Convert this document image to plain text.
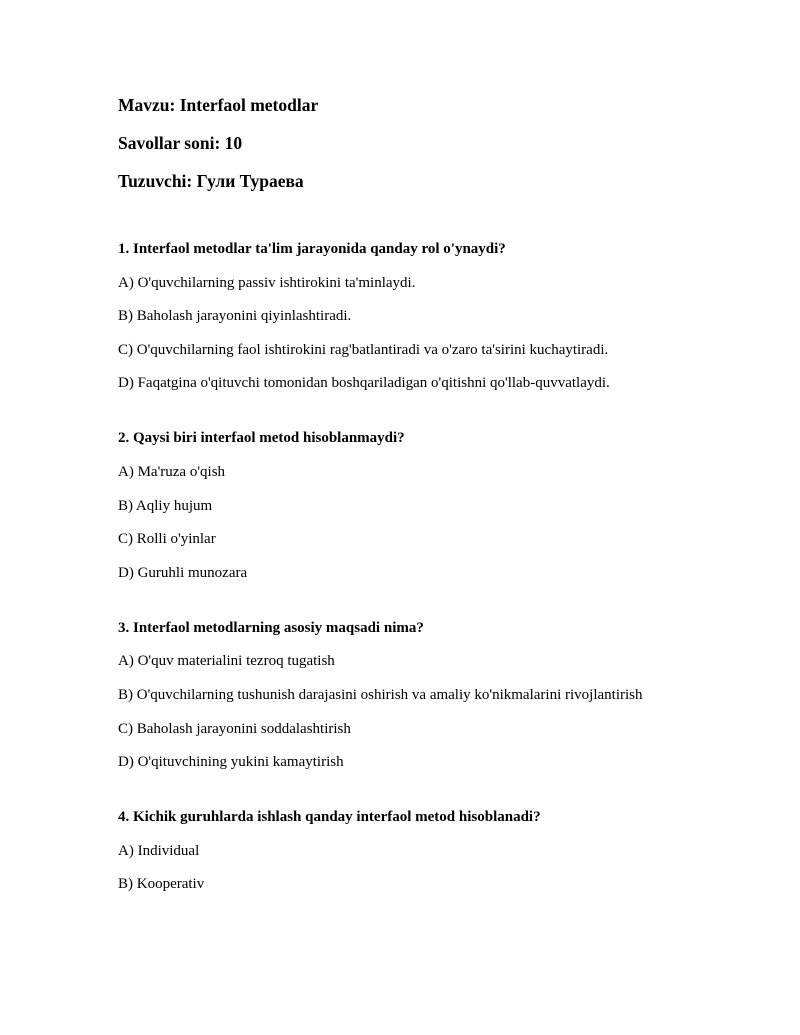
Mavzu: Interfaol metodlar

Savollar soni: 10

Tuzuvchi: Гули Тураева

1. Interfaol metodlar ta'lim jarayonida qanday rol o'ynaydi?

A) O'quvchilarning passiv ishtirokini ta'minlaydi.

B) Baholash jarayonini qiyinlashtiradi.

C) O'quvchilarning faol ishtirokini rag'batlantiradi va o'zaro ta'sirini kuchaytiradi.

D) Faqatgina o'qituvchi tomonidan boshqariladigan o'qitishni qo'llab-quvvatlaydi.

2. Qaysi biri interfaol metod hisoblanmaydi?

A) Ma'ruza o'qish

B) Aqliy hujum

C) Rolli o'yinlar

D) Guruhli munozara

3. Interfaol metodlarning asosiy maqsadi nima?

A) O'quv materialini tezroq tugatish

B) O'quvchilarning tushunish darajasini oshirish va amaliy ko'nikmalarini rivojlantirish

C) Baholash jarayonini soddalashtirish

D) O'qituvchining yukini kamaytirish

4. Kichik guruhlarda ishlash qanday interfaol metod hisoblanadi?

A) Individual

B) Kooperativ
